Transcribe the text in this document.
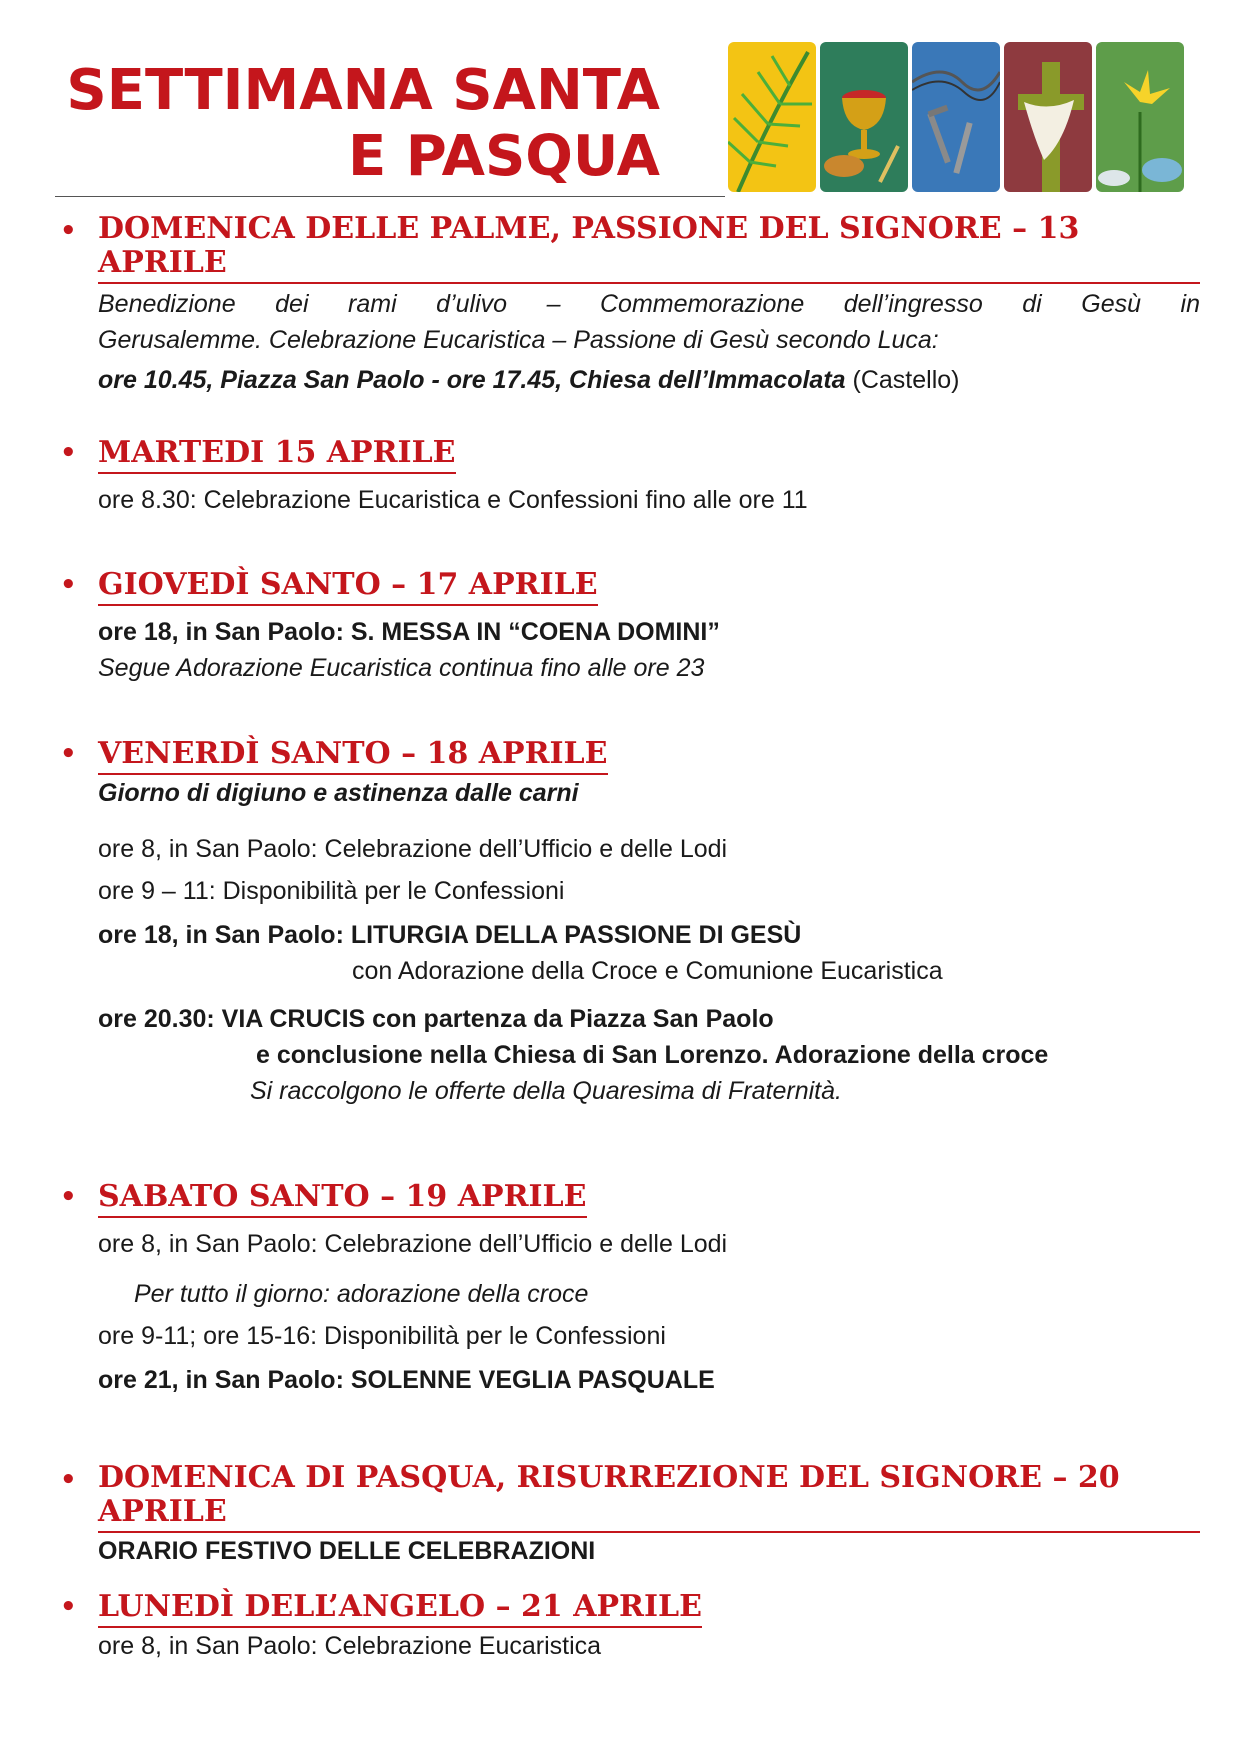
SETTIMANA SANTA
E PASQUA
• DOMENICA DELLE PALME, PASSIONE DEL SIGNORE – 13 APRILE
Benedizione dei rami d’ulivo – Commemorazione dell’ingresso di Gesù in
Gerusalemme. Celebrazione Eucaristica – Passione di Gesù secondo Luca:
ore 10.45, Piazza San Paolo - ore 17.45, Chiesa dell’Immacolata (Castello)
• MARTEDI 15 APRILE
ore 8.30: Celebrazione Eucaristica e Confessioni fino alle ore 11
• GIOVEDÌ SANTO – 17 APRILE
ore 18, in San Paolo: S. MESSA IN “COENA DOMINI”
Segue Adorazione Eucaristica continua fino alle ore 23
• VENERDÌ SANTO – 18 APRILE
Giorno di digiuno e astinenza dalle carni
ore 8, in San Paolo: Celebrazione dell’Ufficio e delle Lodi
ore 9 – 11: Disponibilità per le Confessioni
ore 18, in San Paolo: LITURGIA DELLA PASSIONE DI GESÙ
con Adorazione della Croce e Comunione Eucaristica
ore 20.30: VIA CRUCIS con partenza da Piazza San Paolo
e conclusione nella Chiesa di San Lorenzo. Adorazione della croce
Si raccolgono le offerte della Quaresima di Fraternità.
• SABATO SANTO – 19 APRILE
ore 8, in San Paolo: Celebrazione dell’Ufficio e delle Lodi
Per tutto il giorno: adorazione della croce
ore 9-11; ore 15-16: Disponibilità per le Confessioni
ore 21, in San Paolo: SOLENNE VEGLIA PASQUALE
• DOMENICA DI PASQUA, RISURREZIONE DEL SIGNORE – 20 APRILE
ORARIO FESTIVO DELLE CELEBRAZIONI
• LUNEDÌ DELL’ANGELO – 21 APRILE
ore 8, in San Paolo: Celebrazione Eucaristica
